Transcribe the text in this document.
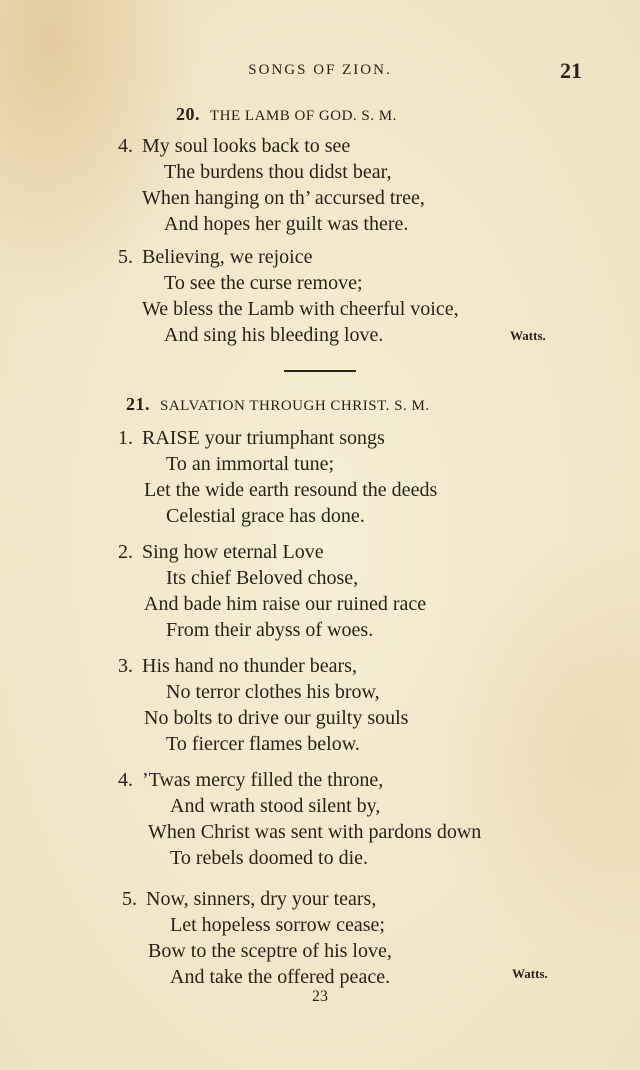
SONGS OF ZION.	21
20. THE LAMB OF GOD. S. M.
4. My soul looks back to see
The burdens thou didst bear,
When hanging on th’ accursed tree,
And hopes her guilt was there.
5. Believing, we rejoice
To see the curse remove;
We bless the Lamb with cheerful voice,
And sing his bleeding love.	Watts.
21. SALVATION THROUGH CHRIST. S. M.
1. RAISE your triumphant songs
To an immortal tune;
Let the wide earth resound the deeds
Celestial grace has done.
2. Sing how eternal Love
Its chief Beloved chose,
And bade him raise our ruined race
From their abyss of woes.
3. His hand no thunder bears,
No terror clothes his brow,
No bolts to drive our guilty souls
To fiercer flames below.
4. ’Twas mercy filled the throne,
And wrath stood silent by,
When Christ was sent with pardons down
To rebels doomed to die.
5. Now, sinners, dry your tears,
Let hopeless sorrow cease;
Bow to the sceptre of his love,
And take the offered peace.	Watts.
23
